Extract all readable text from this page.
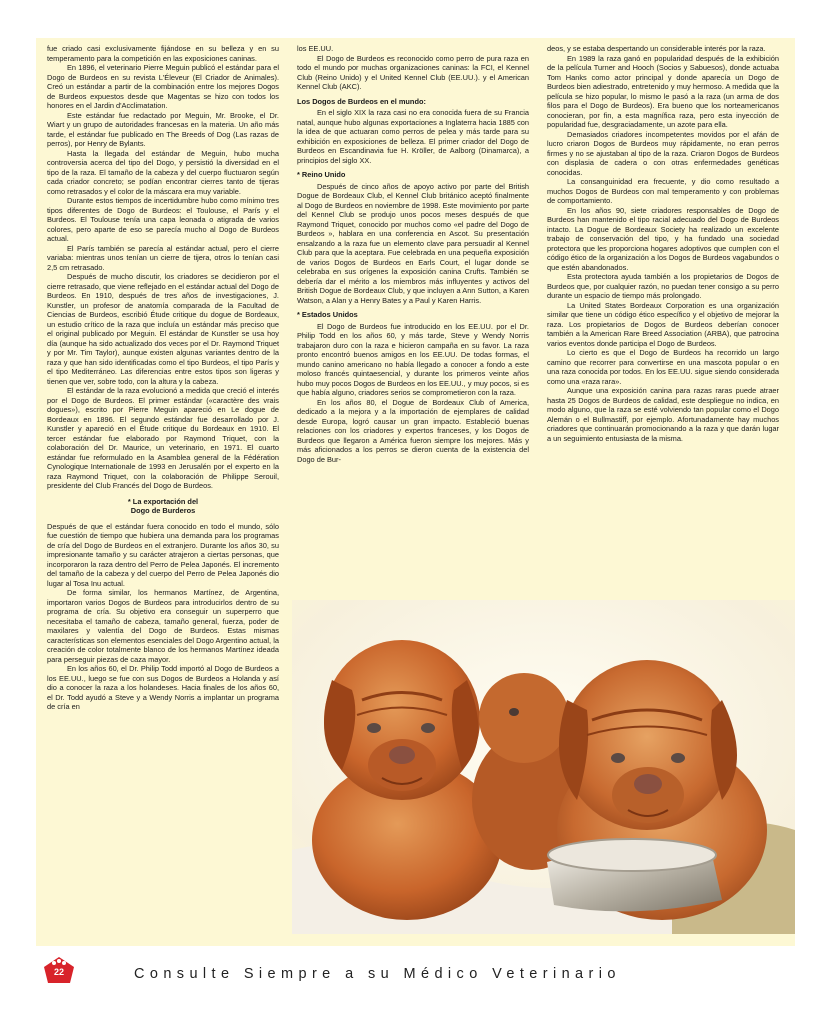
fue criado casi exclusivamente fijándose en su belleza y en su temperamento para la competición en las exposiciones caninas.

En 1896, el veterinario Pierre Meguin publicó el estándar para el Dogo de Burdeos en su revista L'Éleveur (El Criador de Animales). Creó un estándar a partir de la combinación entre los mejores Dogos de Burdeos expuestos desde que Magentas se hizo con todos los honores en el Jardin d'Acclimatation.

Este estándar fue redactado por Meguin, Mr. Brooke, el Dr. Wiart y un grupo de autoridades francesas en la materia. Un año más tarde, el estándar fue publicado en The Breeds of Dog (Las razas de perros), por Henry de Bylants.

Hasta la llegada del estándar de Meguin, hubo mucha controversia acerca del tipo del Dogo, y persistió la diversidad en el tipo de la raza. El tamaño de la cabeza y del cuerpo fluctuaron según cada criador concreto; se podían encontrar cierres tanto de tijeras como retrasados y el color de la máscara era muy variable.

Durante estos tiempos de incertidumbre hubo como mínimo tres tipos diferentes de Dogo de Burdeos: el Toulouse, el París y el Burdeos. El Toulouse tenía una capa leonada o atigrada de varios colores, pero aparte de eso se parecía mucho al Dogo de Burdeos actual.

El París también se parecía al estándar actual, pero el cierre variaba: mientras unos tenían un cierre de tijera, otros lo tenían casi 2,5 cm retrasado.

Después de mucho discutir, los criadores se decidieron por el cierre retrasado, que viene reflejado en el estándar actual del Dogo de Burdeos. En 1910, después de tres años de investigaciones, J. Kunstler, un profesor de anatomía comparada de la Facultad de Ciencias de Burdeos, escribió Étude critique du dogue de Bordeaux, un estudio crítico de la raza que incluía un estándar más preciso que el original publicado por Meguin. El estándar de Kunstler se usa hoy día (aunque ha sido actualizado dos veces por el Dr. Raymond Triquet y por Mr. Tim Taylor), aunque existen algunas variantes dentro de la raza y que han sido identificadas como el tipo Burdeos, el tipo París y el tipo Mediterráneo. Las diferencias entre estos tipos son ligeras y tienen que ver, sobre todo, con la altura y la cabeza.

El estándar de la raza evolucionó a medida que creció el interés por el Dogo de Burdeos. El primer estándar («caractère des vrais dogues»), escrito por Pierre Meguin apareció en Le dogue de Bordeaux en 1896. El segundo estándar fue desarrollado por J. Kunstler y apareció en el Étude critique du Bordeaux en 1910. El tercer estándar fue elaborado por Raymond Triquet, con la colaboración del Dr. Maurice, un veterinario, en 1971. El cuarto estándar fue reformulado en la Asamblea general de la Fédération Cynologique Internationale de 1993 en Jerusalén por el experto en la raza Raymond Triquet, con la colaboración de Philippe Serouil, presidente del Club Francés del Dogo de Burdeos.

* La exportación del
Dogo de Burderos

Después de que el estándar fuera conocido en todo el mundo, sólo fue cuestión de tiempo que hubiera una demanda para los programas de cría del Dogo de Burdeos en el extranjero. Durante los años 30, su impresionante tamaño y su carácter atrajeron a ciertas personas, que incorporaron la raza dentro del Perro de Pelea Japonés. El incremento del tamaño de la cabeza y del cuerpo del Perro de Pelea Japonés dio lugar al Tosa Inu actual.

De forma similar, los hermanos Martínez, de Argentina, importaron varios Dogos de Burdeos para introducirlos dentro de su programa de cría. Su objetivo era conseguir un superperro que necesitaba el tamaño de cabeza, tamaño general, fuerza, poder de maxilares y valentía del Dogo de Burdeos. Estas mismas características son elementos esenciales del Dogo Argentino actual, la creación de color totalmente blanco de los hermanos Martínez ideada para perseguir piezas de caza mayor.

En los años 60, el Dr. Philip Todd importó al Dogo de Burdeos a los EE.UU., luego se fue con sus Dogos de Burdeos a Holanda y así dio a conocer la raza a los holandeses. Hacia finales de los años 60, el Dr. Todd ayudó a Steve y a Wendy Norris a implantar un programa de cría en

los EE.UU.

El Dogo de Burdeos es reconocido como perro de pura raza en todo el mundo por muchas organizaciones caninas: la FCI, el Kennel Club (Reino Unido) y el United Kennel Club (EE.UU.). y el American Kennel Club (AKC).

Los Dogos de Burdeos en el mundo:

En el siglo XIX la raza casi no era conocida fuera de su Francia natal, aunque hubo algunas exportaciones a Inglaterra hacia 1885 con la idea de que actuaran como perros de pelea y más tarde para su exhibición en exposiciones de belleza. El primer criador del Dogo de Burdeos en Escandinavia fue H. Kröller, de Aalborg (Dinamarca), a principios del siglo XX.

* Reino Unido

Después de cinco años de apoyo activo por parte del British Dogue de Bordeaux Club, el Kennel Club británico aceptó finalmente al Dogo de Burdeos en noviembre de 1998. Este movimiento por parte del Kennel Club se produjo unos pocos meses después de que Raymond Triquet, conocido por muchos como «el padre del Dogo de Burdeos », hablara en una conferencia en Ascot. Su presentación ensalzando a la raza fue un elemento clave para persuadir al Kennel Club para que la aceptara. Fue celebrada en una pequeña exposición de varios Dogos de Burdeos en Earls Court, el lugar donde se celebraba en sus orígenes la exposición canina Crufts. También se debería dar el mérito a los miembros más influyentes y activos del British Dogue de Bordeaux Club, y que incluyen a Ann Sutton, a Karen Watson, a Alan y a Henry Bates y a Paul y Karen Harris.

* Estados Unidos

El Dogo de Burdeos fue introducido en los EE.UU. por el Dr. Philip Todd en los años 60, y más tarde, Steve y Wendy Norris trabajaron duro con la raza e hicieron campaña en su favor. La raza pronto encontró buenos amigos en los EE.UU. De todas formas, el mundo canino americano no había llegado a conocer a fondo a este moloso francés quintaesencial, y durante los primeros veinte años hubo muy pocos Dogos de Burdeos en los EE.UU., y muy pocos, si es que había alguno, criadores serios se comprometieron con la raza.

En los años 80, el Dogue de Bordeaux Club of America, dedicado a la mejora y a la importación de ejemplares de calidad desde Europa, logró causar un gran impacto. Estableció buenas relaciones con los criadores y expertos franceses, y los Dogos de Burdeos que llegaron a América fueron siempre los mejores. Más y más aficionados a los perros se dieron cuenta de la existencia del Dogo de Bur-

deos, y se estaba despertando un considerable interés por la raza.

En 1989 la raza ganó en popularidad después de la exhibición de la película Turner and Hooch (Socios y Sabuesos), donde actuaba Tom Hanks como actor principal y donde aparecía un Dogo de Burdeos bien adiestrado, entretenido y muy hermoso. A medida que la película se hizo popular, lo mismo le pasó a la raza (un arma de dos filos para el Dogo de Burdeos). Era bueno que los norteamericanos conocieran, por fin, a esta magnífica raza, pero esta inyección de popularidad fue, desgraciadamente, un azote para ella.

Demasiados criadores incompetentes movidos por el afán de lucro criaron Dogos de Burdeos muy rápidamente, no eran perros firmes y no se ajustaban al tipo de la raza. Criaron Dogos de Burdeos con displasia de cadera o con otras enfermedades genéticas conocidas.

La consanguinidad era frecuente, y dio como resultado a muchos Dogos de Burdeos con mal temperamento y con problemas de comportamiento.

En los años 90, siete criadores responsables de Dogo de Burdeos han mantenido el tipo racial adecuado del Dogo de Burdeos intacto. La Dogue de Bordeaux Society ha realizado un excelente trabajo de conservación del tipo, y ha fundado una sociedad protectora que les proporciona hogares adoptivos que cumplen con el código ético de la organización a los Dogos de Burdeos vagabundos o que estén abandonados.

Esta protectora ayuda también a los propietarios de Dogos de Burdeos que, por cualquier razón, no puedan tener consigo a su perro durante un espacio de tiempo más prolongado.

La United States Bordeaux Corporation es una organización similar que tiene un código ético específico y el objetivo de mejorar la raza. Los propietarios de Dogos de Burdeos deberían conocer también a la American Rare Breed Association (ARBA), que patrocina varios eventos donde participa el Dogo de Burdeos.

Lo cierto es que el Dogo de Burdeos ha recorrido un largo camino que recorrer para convertirse en una mascota popular o en una raza conocida por todos. En los EE.UU. sigue siendo considerada como una «raza rara».

Aunque una exposición canina para razas raras puede atraer hasta 25 Dogos de Burdeos de calidad, este despliegue no indica, en modo alguno, que la raza se esté volviendo tan popular como el Dogo Alemán o el Bullmastiff, por ejemplo. Afortunadamente hay muchos criadores que continuarán promocionando a la raza y que darán lugar a un seguimiento entusiasta de la misma.

22	Consulte Siempre a su Médico Veterinario
